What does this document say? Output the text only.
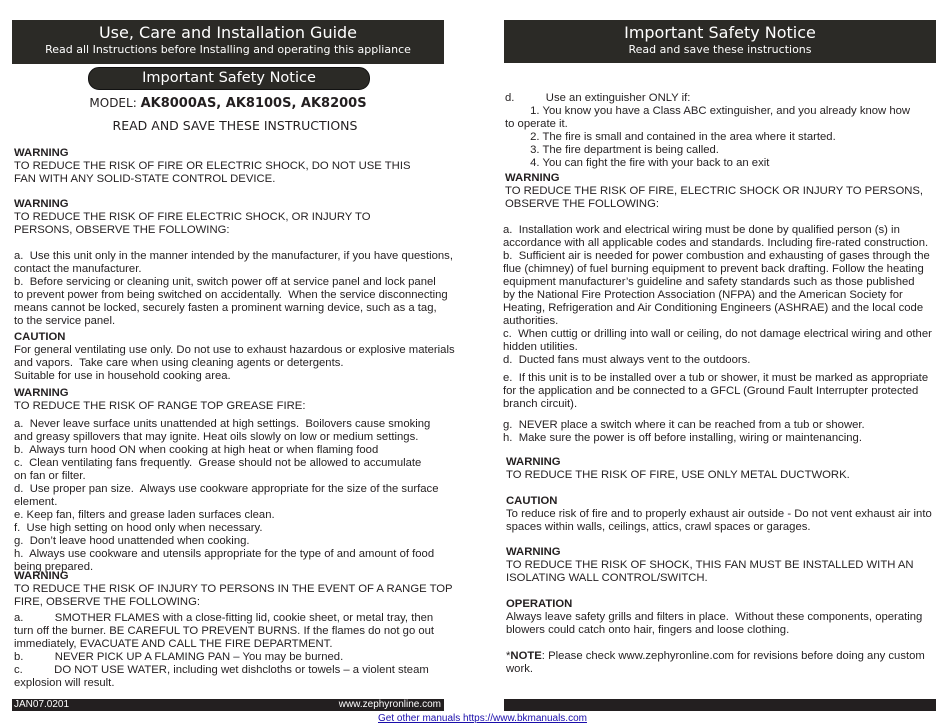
Use, Care and Installation Guide
Read all Instructions before Installing and operating this appliance
Important Safety Notice
MODEL: AK8000AS, AK8100S, AK8200S
READ AND SAVE THESE INSTRUCTIONS
WARNING
TO REDUCE THE RISK OF FIRE OR ELECTRIC SHOCK, DO NOT USE THIS
FAN WITH ANY SOLID-STATE CONTROL DEVICE.
WARNING
TO REDUCE THE RISK OF FIRE ELECTRIC SHOCK, OR INJURY TO
PERSONS, OBSERVE THE FOLLOWING:
a.  Use this unit only in the manner intended by the manufacturer, if you have questions,
contact the manufacturer.
b.  Before servicing or cleaning unit, switch power off at service panel and lock panel
to prevent power from being switched on accidentally.  When the service disconnecting
means cannot be locked, securely fasten a prominent warning device, such as a tag,
to the service panel.
CAUTION
For general ventilating use only. Do not use to exhaust hazardous or explosive materials
and vapors.  Take care when using cleaning agents or detergents.
Suitable for use in household cooking area.
WARNING
TO REDUCE THE RISK OF RANGE TOP GREASE FIRE:
a.  Never leave surface units unattended at high settings.  Boilovers cause smoking
and greasy spillovers that may ignite. Heat oils slowly on low or medium settings.
b.  Always turn hood ON when cooking at high heat or when flaming food
c.  Clean ventilating fans frequently.  Grease should not be allowed to accumulate
on fan or filter.
d.  Use proper pan size.  Always use cookware appropriate for the size of the surface
element.
e. Keep fan, filters and grease laden surfaces clean.
f.  Use high setting on hood only when necessary.
g.  Don’t leave hood unattended when cooking.
h.  Always use cookware and utensils appropriate for the type of and amount of food
being prepared.
WARNING
TO REDUCE THE RISK OF INJURY TO PERSONS IN THE EVENT OF A RANGE TOP
FIRE, OBSERVE THE FOLLOWING:
a.          SMOTHER FLAMES with a close-fitting lid, cookie sheet, or metal tray, then
turn off the burner. BE CAREFUL TO PREVENT BURNS. If the flames do not go out
immediately, EVACUATE AND CALL THE FIRE DEPARTMENT.
b.          NEVER PICK UP A FLAMING PAN – You may be burned.
c.          DO NOT USE WATER, including wet dishcloths or towels – a violent steam
explosion will result.
JAN07.0201	www.zephyronline.com
Important Safety Notice
Read and save these instructions
d.          Use an extinguisher ONLY if:
1. You know you have a Class ABC extinguisher, and you already know how
to operate it.
2. The fire is small and contained in the area where it started.
3. The fire department is being called.
4. You can fight the fire with your back to an exit
WARNING
TO REDUCE THE RISK OF FIRE, ELECTRIC SHOCK OR INJURY TO PERSONS,
OBSERVE THE FOLLOWING:
a.  Installation work and electrical wiring must be done by qualified person (s) in
accordance with all applicable codes and standards. Including fire-rated construction.
b.  Sufficient air is needed for power combustion and exhausting of gases through the
flue (chimney) of fuel burning equipment to prevent back drafting. Follow the heating
equipment manufacturer’s guideline and safety standards such as those published
by the National Fire Protection Association (NFPA) and the American Society for
Heating, Refrigeration and Air Conditioning Engineers (ASHRAE) and the local code
authorities.
c.  When cuttig or drilling into wall or ceiling, do not damage electrical wiring and other
hidden utilities.
d.  Ducted fans must always vent to the outdoors.
e.  If this unit is to be installed over a tub or shower, it must be marked as appropriate
for the application and be connected to a GFCL (Ground Fault Interrupter protected
branch circuit).
g.  NEVER place a switch where it can be reached from a tub or shower.
h.  Make sure the power is off before installing, wiring or maintenancing.
WARNING
TO REDUCE THE RISK OF FIRE, USE ONLY METAL DUCTWORK.
CAUTION
To reduce risk of fire and to properly exhaust air outside - Do not vent exhaust air into
spaces within walls, ceilings, attics, crawl spaces or garages.
WARNING
TO REDUCE THE RISK OF SHOCK, THIS FAN MUST BE INSTALLED WITH AN
ISOLATING WALL CONTROL/SWITCH.
OPERATION
Always leave safety grills and filters in place.  Without these components, operating
blowers could catch onto hair, fingers and loose clothing.
*NOTE: Please check www.zephyronline.com for revisions before doing any custom
work.
Get other manuals https://www.bkmanuals.com
